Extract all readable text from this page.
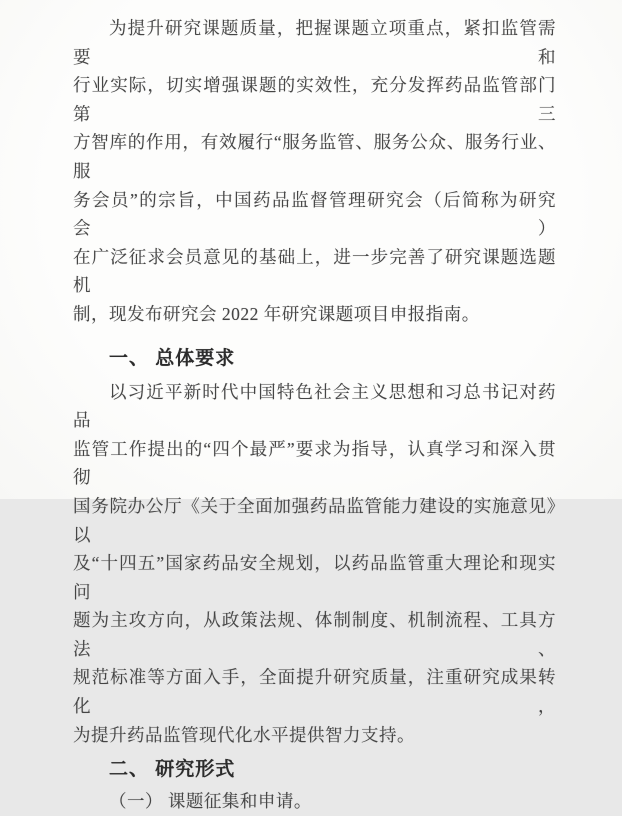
为提升研究课题质量，把握课题立项重点，紧扣监管需要和
行业实际，切实增强课题的实效性，充分发挥药品监管部门第三
方智库的作用，有效履行“服务监管、服务公众、服务行业、服
务会员”的宗旨，中国药品监督管理研究会（后简称为研究会）
在广泛征求会员意见的基础上，进一步完善了研究课题选题机
制，现发布研究会 2022 年研究课题项目申报指南。
一、 总体要求
以习近平新时代中国特色社会主义思想和习总书记对药品
监管工作提出的“四个最严”要求为指导，认真学习和深入贯彻
国务院办公厅《关于全面加强药品监管能力建设的实施意见》以
及“十四五”国家药品安全规划，以药品监管重大理论和现实问
题为主攻方向，从政策法规、体制制度、机制流程、工具方法、
规范标准等方面入手，全面提升研究质量，注重研究成果转化，
为提升药品监管现代化水平提供智力支持。
二、 研究形式
（一） 课题征集和申请。
